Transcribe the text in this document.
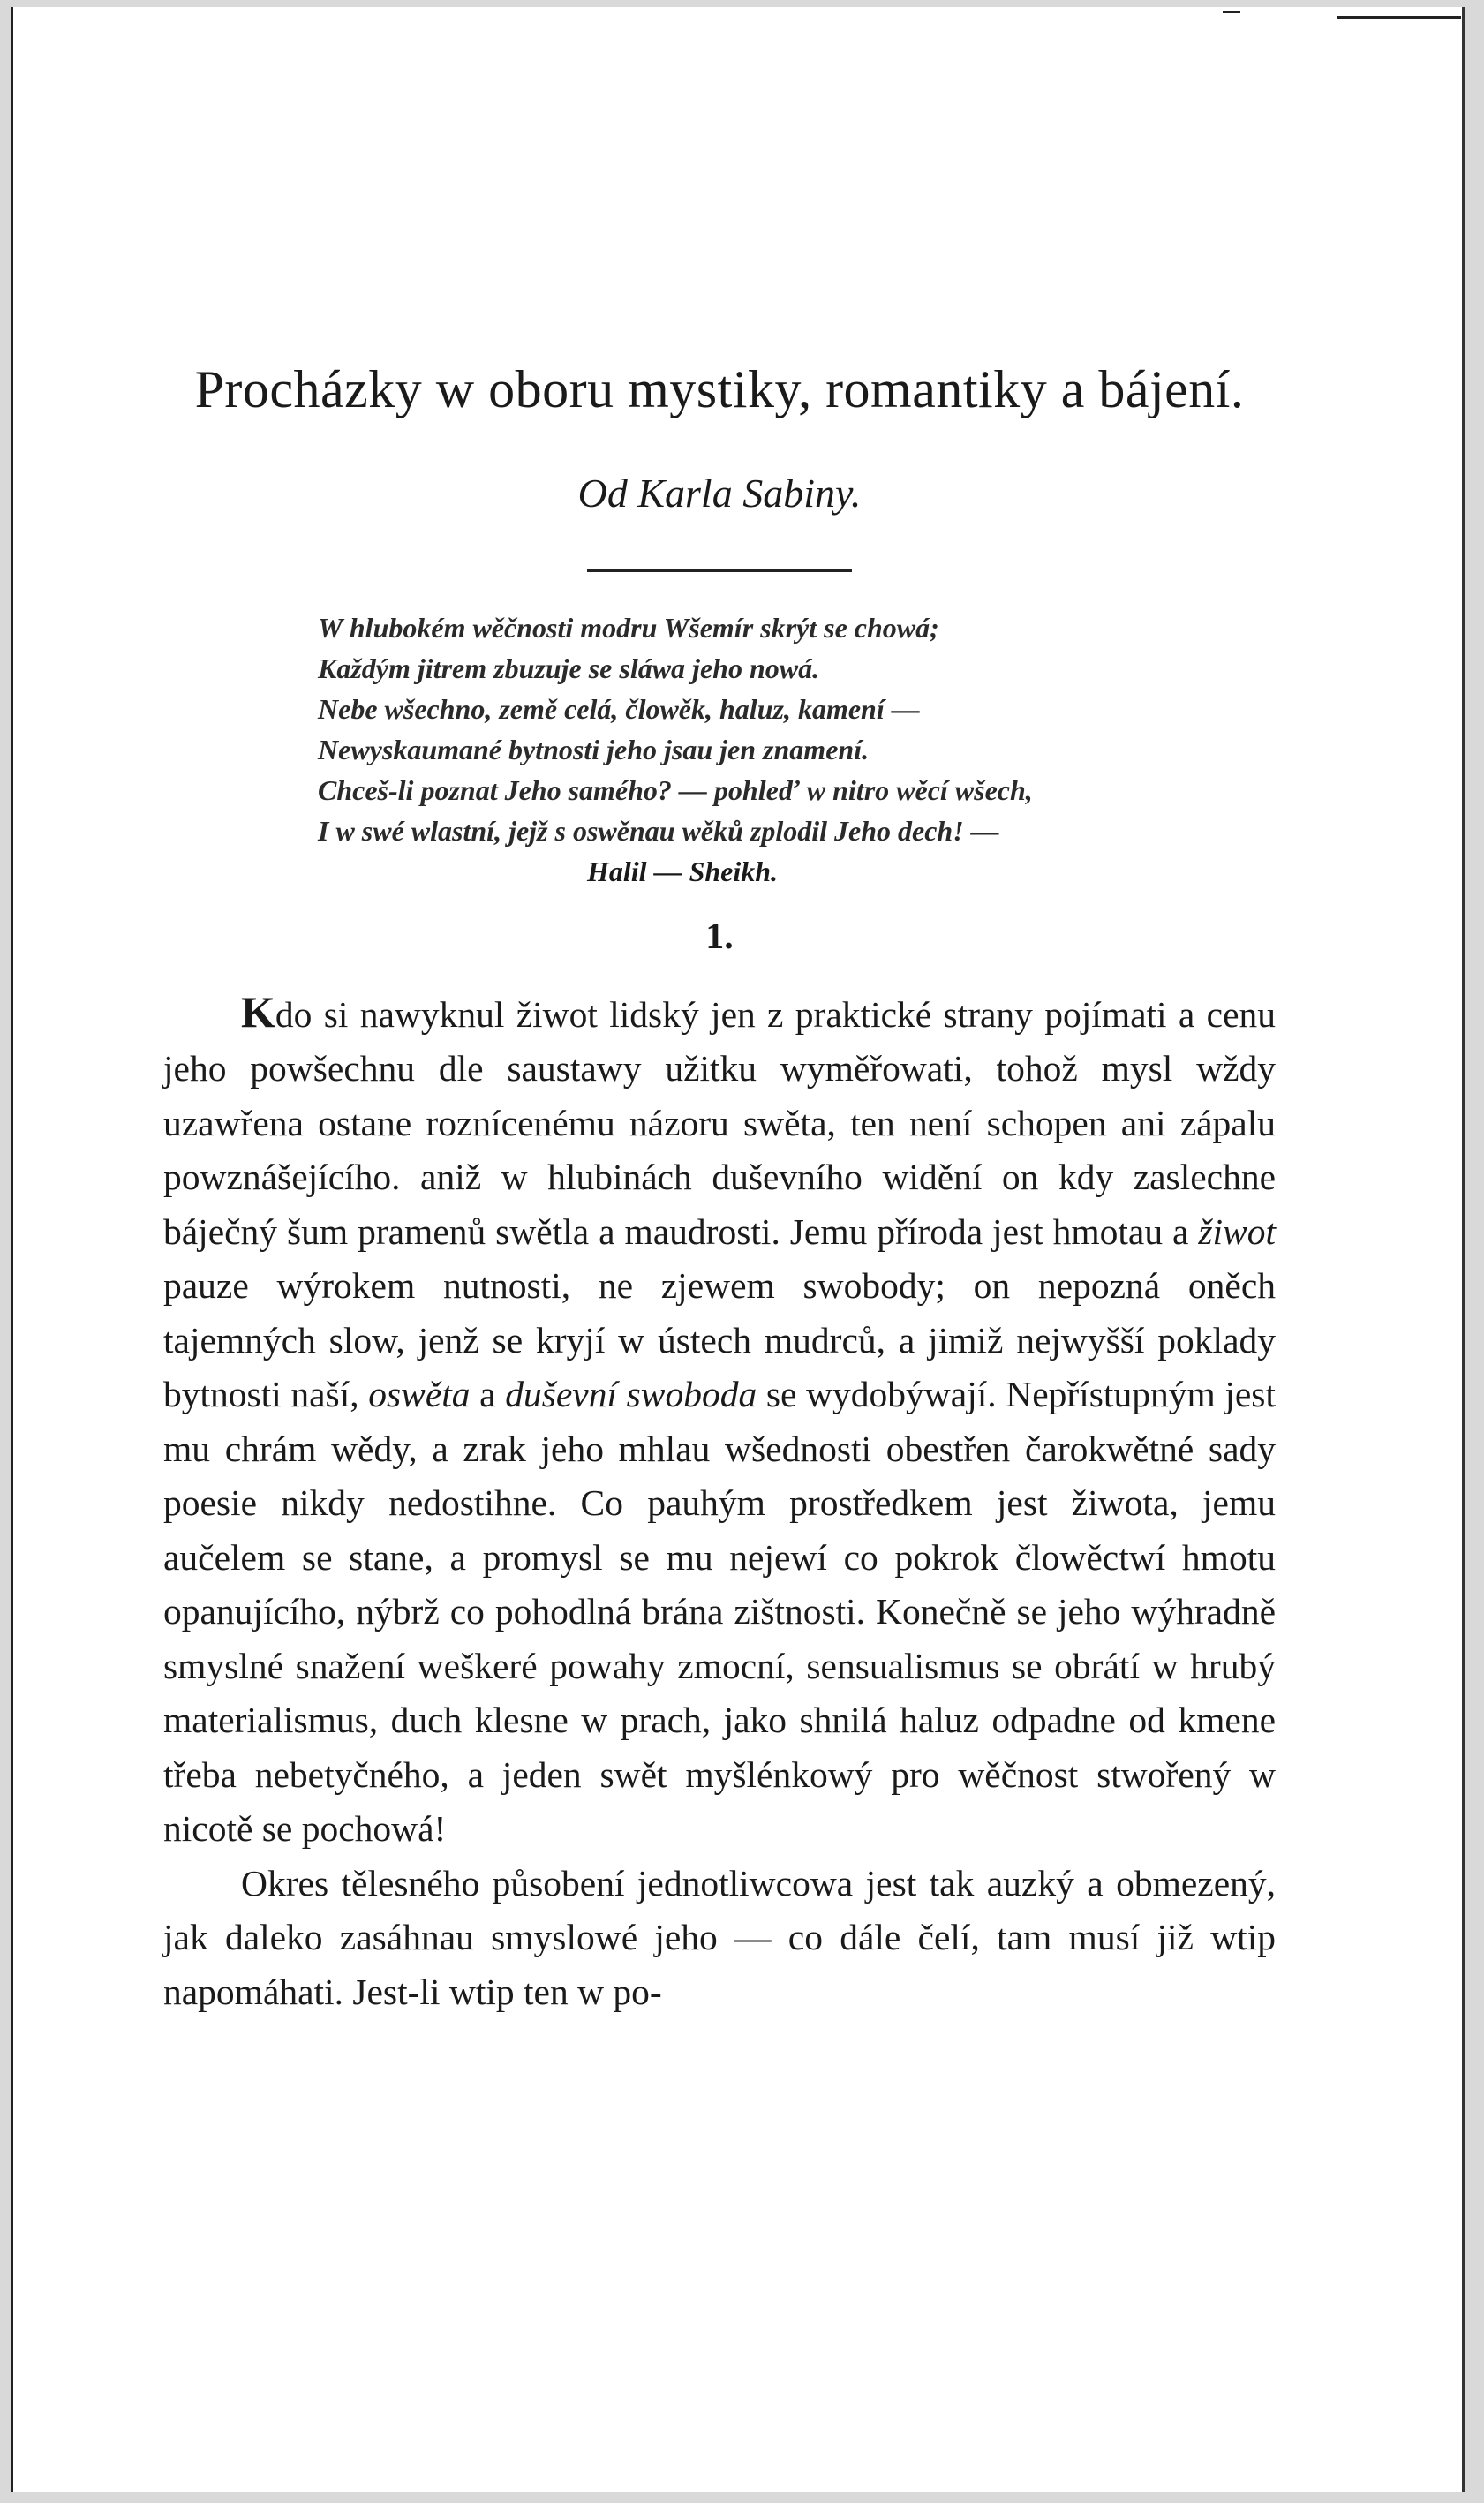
Procházky w oboru mystiky, romantiky a bájení.
Od Karla Sabiny.
W hlubokém wěčnosti modru Wšemír skrýt se chowá;
Každým jitrem zbuzuje se sláwa jeho nowá.
Nebe wšechno, země celá, člowěk, haluz, kamení —
Newyskaumané bytnosti jeho jsau jen znamení.
Chceš-li poznat Jeho samého? — pohleď w nitro wěcí wšech,
I w swé wlastní, jejž s oswěnau wěků zplodil Jeho dech! —
Halil — Sheikh.
1.

Kdo si nawyknul žiwot lidský jen z praktické strany pojímati a cenu jeho powšechnu dle saustawy užitku wyměřowati, tohož mysl wždy uzawřena ostane roznícenému názoru swěta, ten není schopen ani zápalu powznášejícího. aniž w hlubinách duševního widění on kdy zaslechne báječný šum pramenů swětla a maudrosti. Jemu příroda jest hmotau a žiwot pauze wýrokem nutnosti, ne zjewem swobody; on nepozná oněch tajemných slow, jenž se kryjí w ústech mudrců, a jimiž nejwyšší poklady bytnosti naší, oswěta a duševní swoboda se wydobýwají. Nepřístupným jest mu chrám wědy, a zrak jeho mhlau wšednosti obestřen čarokwětné sady poesie nikdy nedostihne. Co pauhým prostředkem jest žiwota, jemu aučelem se stane, a promysl se mu nejewí co pokrok člowěctwí hmotu opanujícího, nýbrž co pohodlná brána zištnosti. Konečně se jeho wýhradně smyslné snažení weškeré powahy zmocní, sensualismus se obrátí w hrubý materialismus, duch klesne w prach, jako shnilá haluz odpadne od kmene třeba nebetyčného, a jeden swět myšlénkowý pro wěčnost stwořený w nicotě se pochowá!

Okres tělesného působení jednotliwcowa jest tak auzký a obmezený, jak daleko zasáhnau smyslowé jeho — co dále čelí, tam musí již wtip napomáhati. Jest-li wtip ten w po-
